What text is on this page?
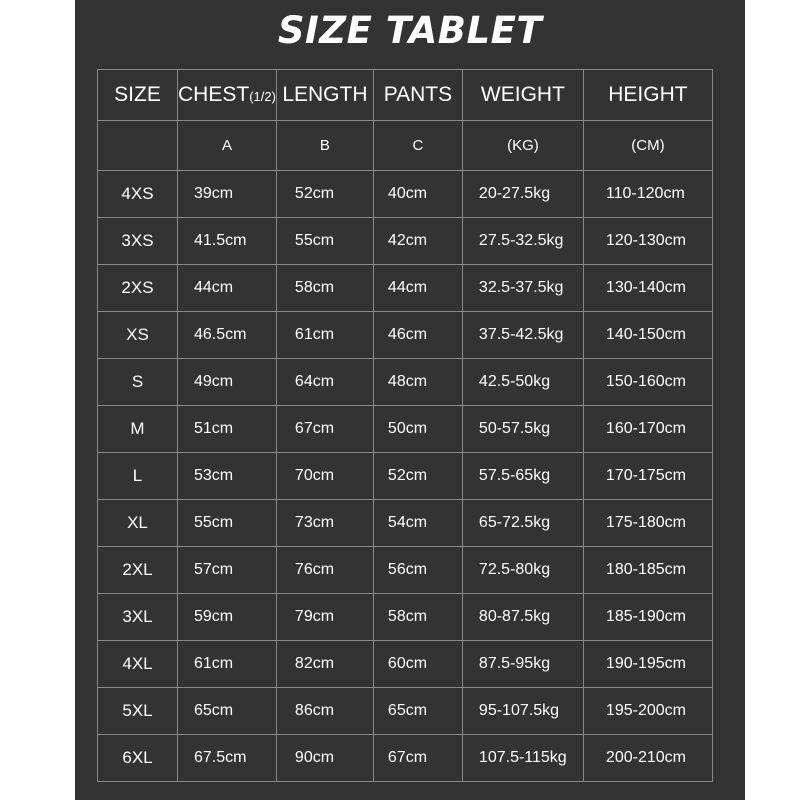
SIZE TABLET
SIZE	CHEST(1/2)	LENGTH	PANTS	WEIGHT	HEIGHT
	A	B	C	(KG)	(CM)
4XS	39cm	52cm	40cm	20-27.5kg	110-120cm
3XS	41.5cm	55cm	42cm	27.5-32.5kg	120-130cm
2XS	44cm	58cm	44cm	32.5-37.5kg	130-140cm
XS	46.5cm	61cm	46cm	37.5-42.5kg	140-150cm
S	49cm	64cm	48cm	42.5-50kg	150-160cm
M	51cm	67cm	50cm	50-57.5kg	160-170cm
L	53cm	70cm	52cm	57.5-65kg	170-175cm
XL	55cm	73cm	54cm	65-72.5kg	175-180cm
2XL	57cm	76cm	56cm	72.5-80kg	180-185cm
3XL	59cm	79cm	58cm	80-87.5kg	185-190cm
4XL	61cm	82cm	60cm	87.5-95kg	190-195cm
5XL	65cm	86cm	65cm	95-107.5kg	195-200cm
6XL	67.5cm	90cm	67cm	107.5-115kg	200-210cm
